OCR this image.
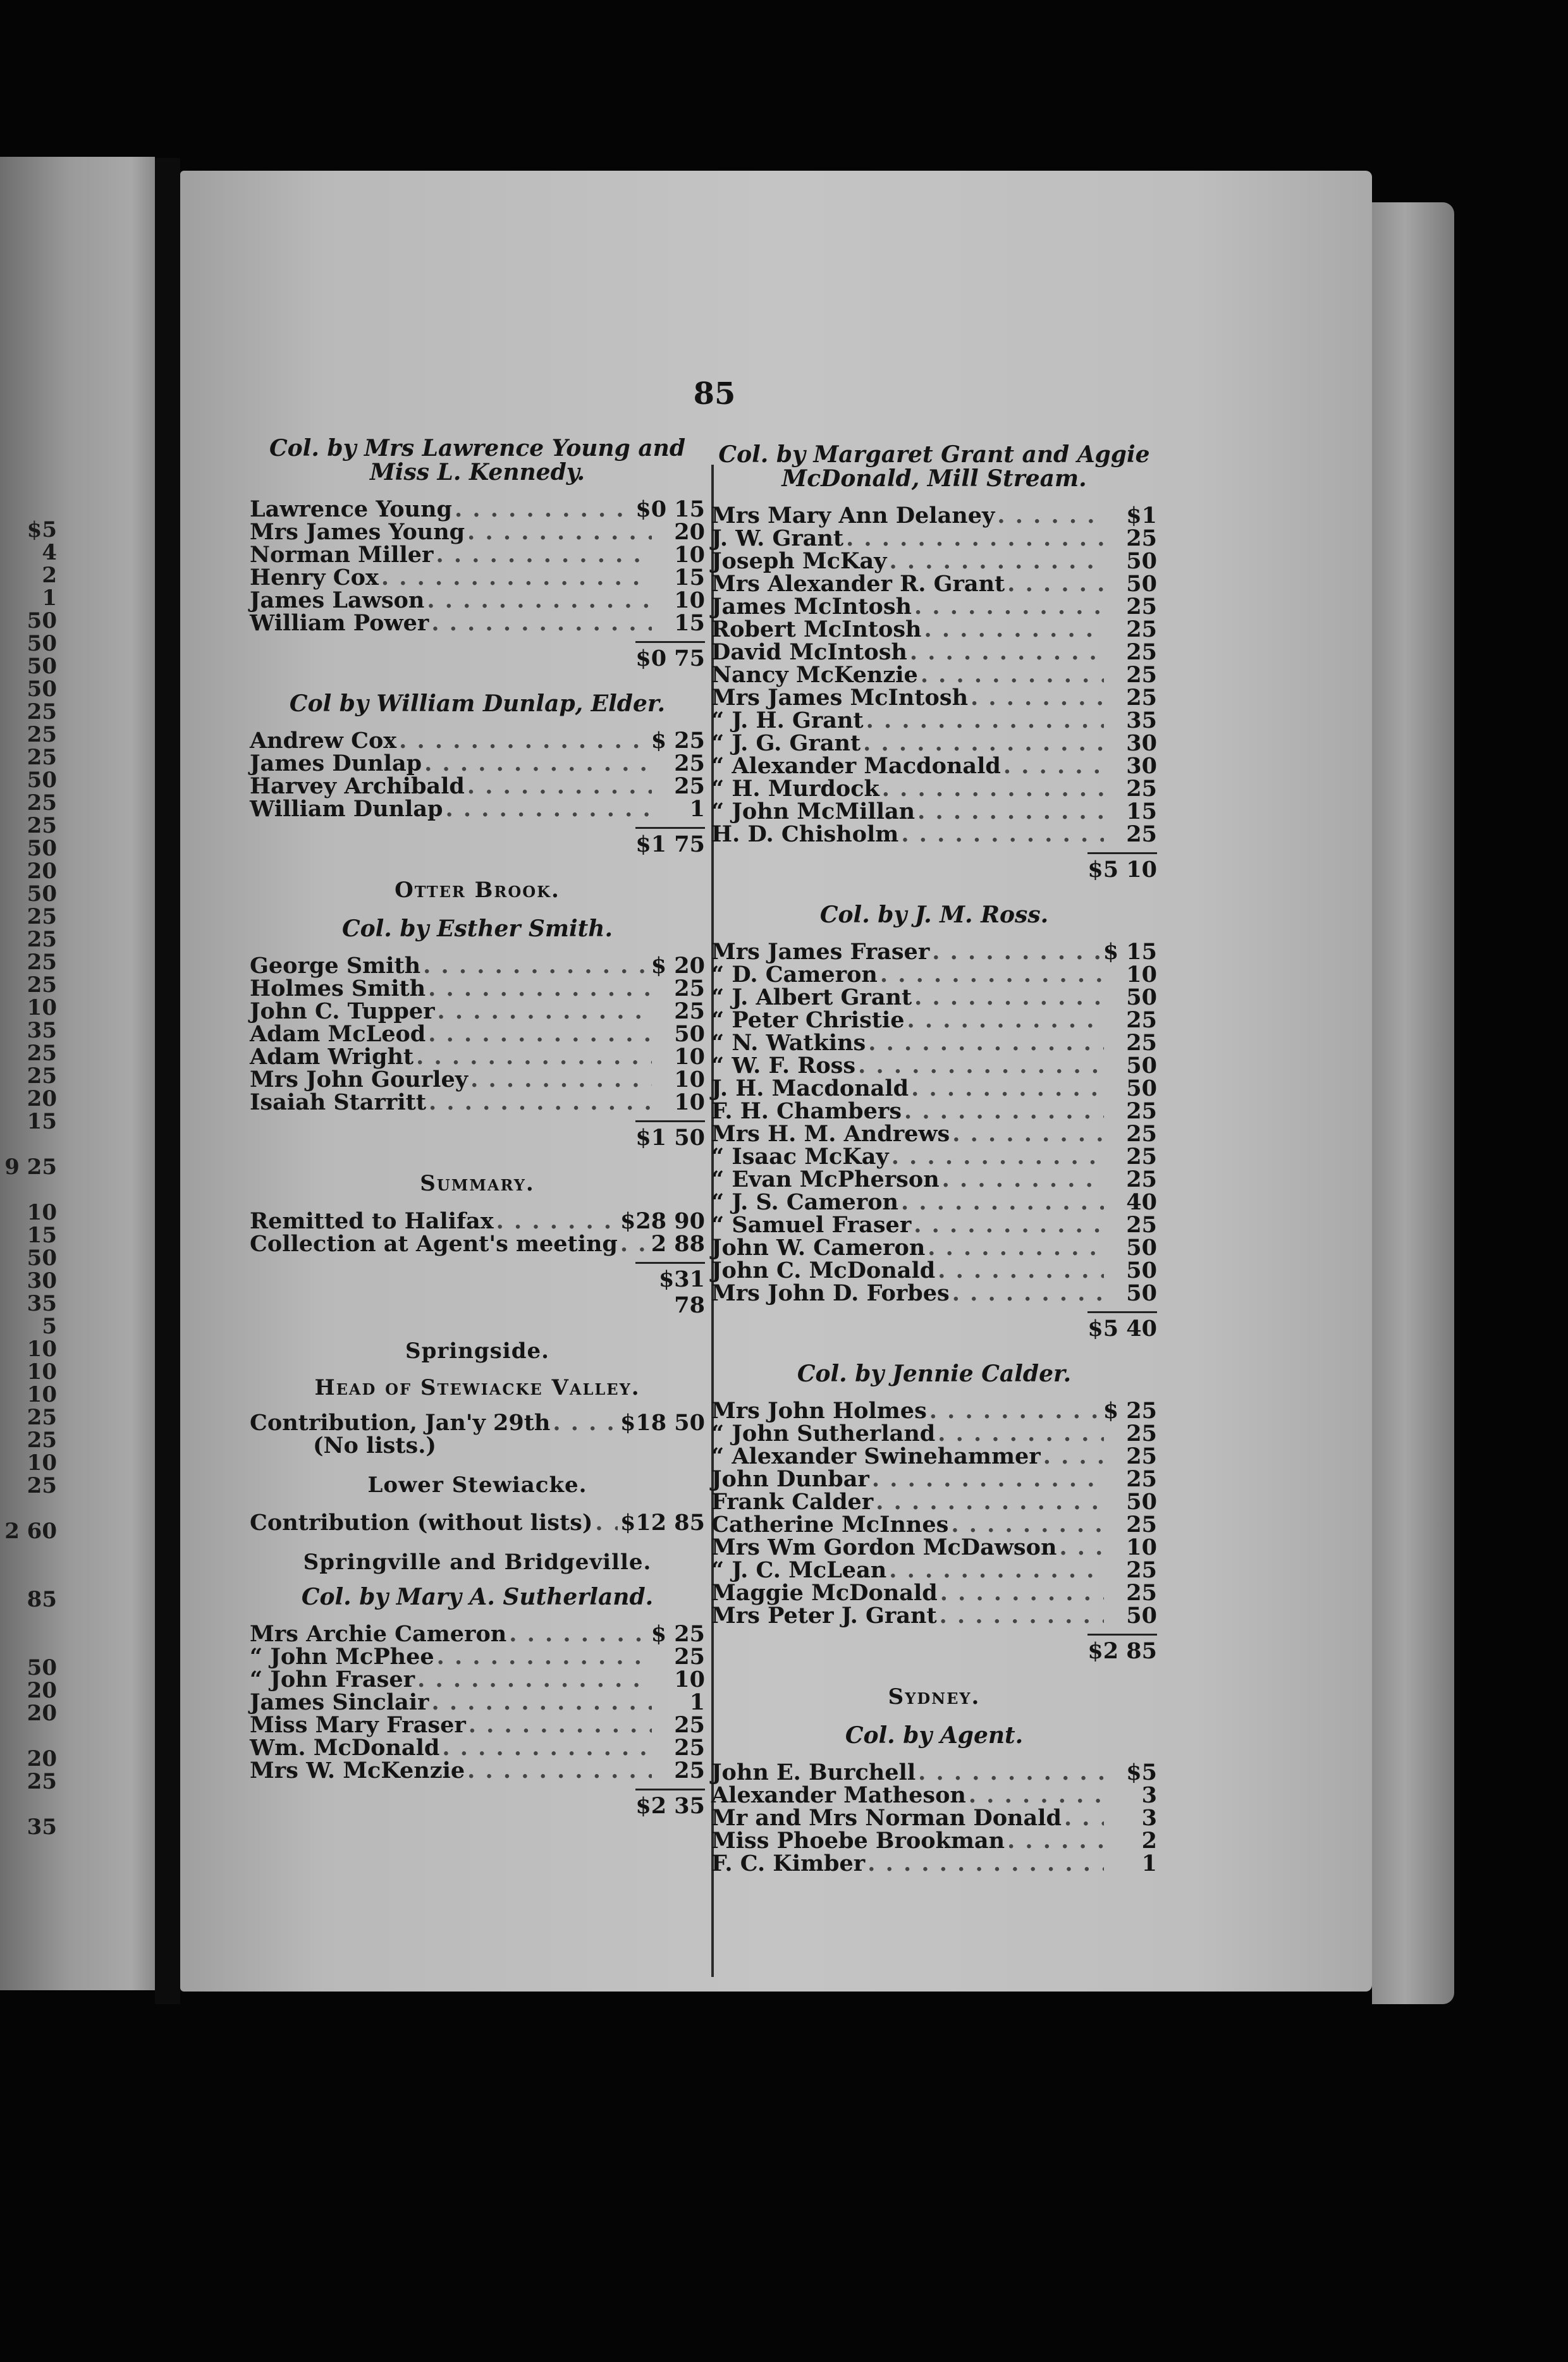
$5
4
2
1
50
50
50
50
25
25
25
50
25
25
50
20
50
25
25
25
25
10
35
25
25
20
15
9 25
10
15
50
30
35
5
10
10
10
25
25
10
25
2 60
85
50
20
20
20
25
35
85
Col. by Mrs Lawrence Young and Miss L. Kennedy.
Lawrence Young . . .	$0 15
Mrs James Young . . .	20
Norman Miller . . .	10
Henry Cox . . .	15
James Lawson . . .	10
William Power . . .	15
$0 75
Col by William Dunlap, Elder.
Andrew Cox . . .	$ 25
James Dunlap . . .	25
Harvey Archibald . . .	25
William Dunlap . . .	1
$1 75
Otter Brook.
Col. by Esther Smith.
George Smith . . .	$ 20
Holmes Smith . . .	25
John C. Tupper . . .	25
Adam McLeod . . .	50
Adam Wright . . .	10
Mrs John Gourley . . .	10
Isaiah Starritt . . .	10
$1 50
Summary.
Remitted to Halifax . . .	$28 90
Collection at Agent's meeting . . . 2 88
$31 78
Springside.
Head of Stewiacke Valley.
Contribution, Jan'y 29th . . .	$18 50
(No lists.)
Lower Stewiacke.
Contribution (without lists) . . . $12 85
Springville and Bridgeville.
Col. by Mary A. Sutherland.
Mrs Archie Cameron . . .	$ 25
“ John McPhee . . .	25
“ John Fraser . . .	10
James Sinclair . . .	1
Miss Mary Fraser . . .	25
Wm. McDonald . . .	25
Mrs W. McKenzie . . .	25
$2 35
Col. by Margaret Grant and Aggie McDonald, Mill Stream.
Mrs Mary Ann Delaney . . .	$1
J. W. Grant . . .	25
Joseph McKay . . .	50
Mrs Alexander R. Grant . . .	50
James McIntosh . . .	25
Robert McIntosh . . .	25
David McIntosh . . .	25
Nancy McKenzie . . .	25
Mrs James McIntosh . . .	25
“ J. H. Grant . . .	35
“ J. G. Grant . . .	30
“ Alexander Macdonald . . .	30
“ H. Murdock . . .	25
“ John McMillan . . .	15
H. D. Chisholm . . .	25
$5 10
Col. by J. M. Ross.
Mrs James Fraser . . .	$ 15
“ D. Cameron . . .	10
“ J. Albert Grant . . .	50
“ Peter Christie . . .	25
“ N. Watkins . . .	25
“ W. F. Ross . . .	50
J. H. Macdonald . . .	50
F. H. Chambers . . .	25
Mrs H. M. Andrews . . .	25
“ Isaac McKay . . .	25
“ Evan McPherson . . .	25
“ J. S. Cameron . . .	40
“ Samuel Fraser . . .	25
John W. Cameron . . .	50
John C. McDonald . . .	50
Mrs John D. Forbes . . .	50
$5 40
Col. by Jennie Calder.
Mrs John Holmes . . .	$ 25
“ John Sutherland . . .	25
“ Alexander Swinehammer . . .	25
John Dunbar . . .	25
Frank Calder . . .	50
Catherine McInnes . . .	25
Mrs Wm Gordon McDawson . . .	10
“ J. C. McLean . . .	25
Maggie McDonald . . .	25
Mrs Peter J. Grant . . .	50
$2 85
Sydney.
Col. by Agent.
John E. Burchell . . .	$5
Alexander Matheson . . .	3
Mr and Mrs Norman Donald . . .	3
Miss Phoebe Brookman . . .	2
F. C. Kimber . . .	1
